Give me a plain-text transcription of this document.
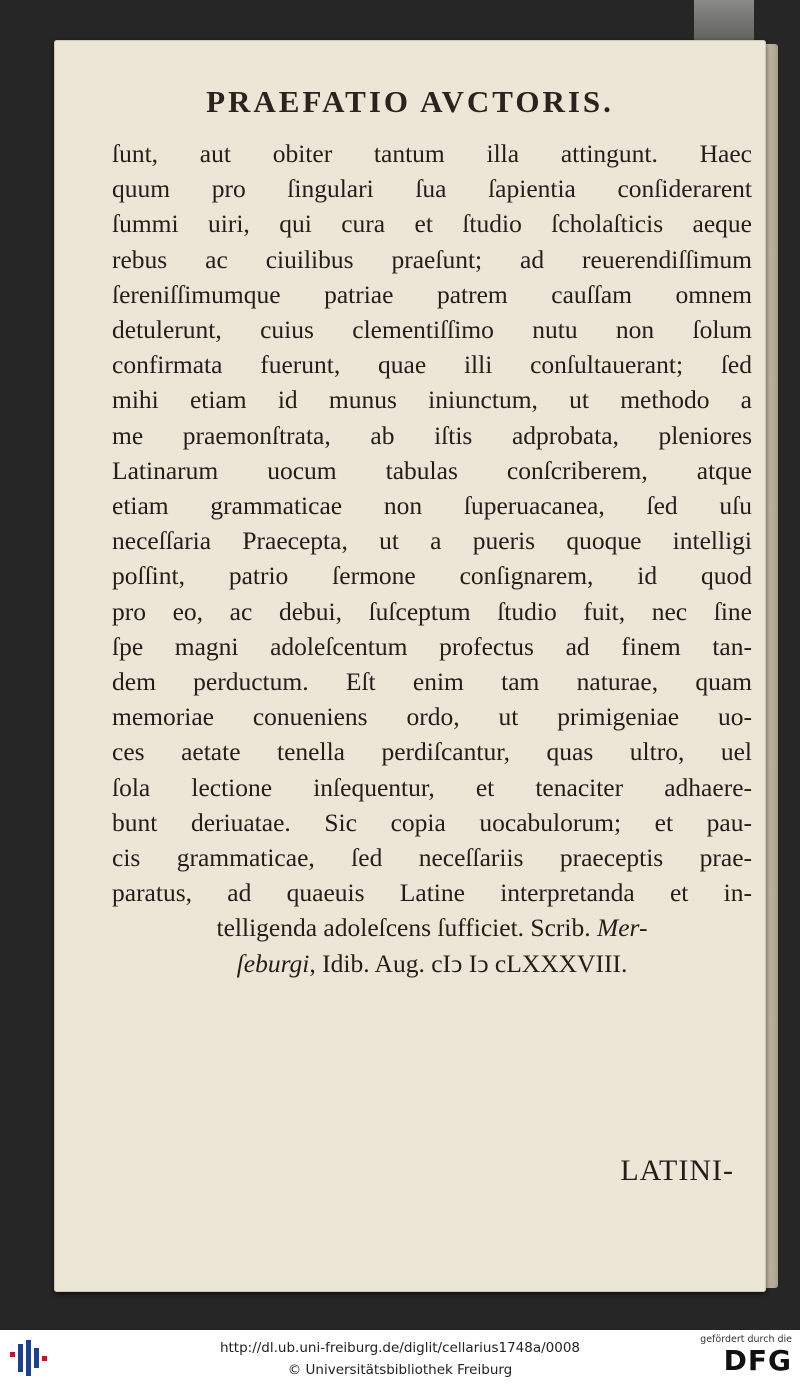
PRAEFATIO AVCTORIS.
ſunt, aut obiter tantum illa attingunt. Haec
quum pro ſingulari ſua ſapientia conſiderarent
ſummi uiri, qui cura et ſtudio ſcholaſticis aeque
rebus ac ciuilibus praeſunt; ad reuerendiſſimum
ſereniſſimumque patriae patrem cauſſam omnem
detulerunt, cuius clementiſſimo nutu non ſolum
confirmata fuerunt, quae illi conſultauerant; ſed
mihi etiam id munus iniunctum, ut methodo a
me praemonſtrata, ab iſtis adprobata, pleniores
Latinarum uocum tabulas conſcriberem, atque
etiam grammaticae non ſuperuacanea, ſed uſu
neceſſaria Praecepta, ut a pueris quoque intelligi
poſſint, patrio ſermone conſignarem, id quod
pro eo, ac debui, ſuſceptum ſtudio fuit, nec ſine
ſpe magni adoleſcentum profectus ad finem tan-
dem perductum. Eſt enim tam naturae, quam
memoriae conueniens ordo, ut primigeniae uo-
ces aetate tenella perdiſcantur, quas ultro, uel
ſola lectione inſequentur, et tenaciter adhaere-
bunt deriuatae. Sic copia uocabulorum; et pau-
cis grammaticae, ſed neceſſariis praeceptis prae-
paratus, ad quaeuis Latine interpretanda et in-
telligenda adoleſcens ſufficiet. Scrib. Mer-
ſeburgi, Idib. Aug. cIↄ Iↄ cLXXXVIII.
LATINI-
http://dl.ub.uni-freiburg.de/diglit/cellarius1748a/0008
© Universitätsbibliothek Freiburg
gefördert durch die
DFG
